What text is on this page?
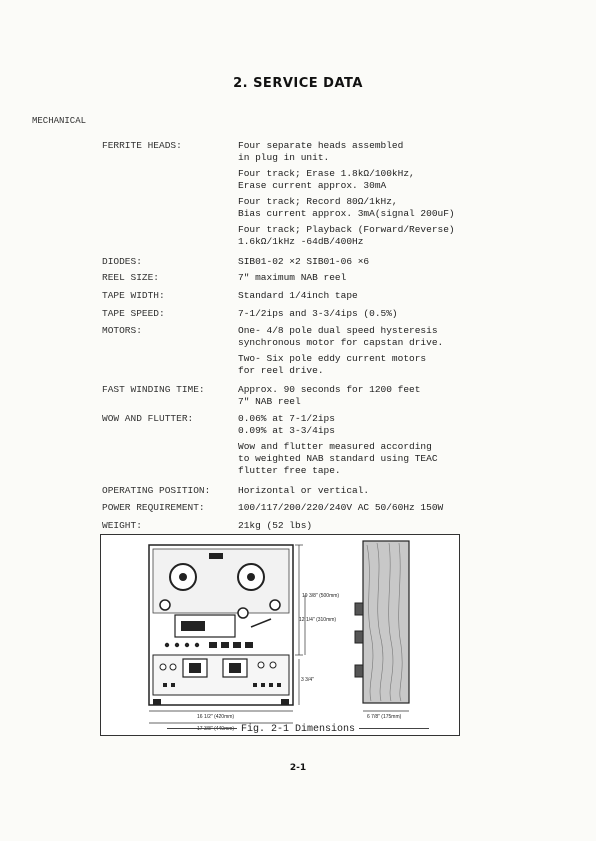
2. SERVICE DATA
MECHANICAL
FERRITE HEADS:	Four separate heads assembled
in plug in unit.
Four track; Erase 1.8kΩ/100kHz,
Erase current approx. 30mA
Four track; Record 80Ω/1kHz,
Bias current approx. 3mA(signal 200uF)
Four track; Playback (Forward/Reverse)
1.6kΩ/1kHz -64dB/400Hz
DIODES:	SIB01-02 ×2 SIB01-06 ×6
REEL SIZE:	7" maximum NAB reel
TAPE WIDTH:	Standard 1/4inch tape
TAPE SPEED:	7-1/2ips and 3-3/4ips (0.5%)
MOTORS:	One- 4/8 pole dual speed hysteresis
synchronous motor for capstan drive.
Two- Six pole eddy current motors
for reel drive.
FAST WINDING TIME:	Approx. 90 seconds for 1200 feet
7" NAB reel
WOW AND FLUTTER:	0.06% at 7-1/2ips
0.09% at 3-3/4ips
Wow and flutter measured according
to weighted NAB standard using TEAC
flutter free tape.
OPERATING POSITION:	Horizontal or vertical.
POWER REQUIREMENT:	100/117/200/220/240V AC 50/60Hz 150W
WEIGHT:	21kg (52 lbs)
19 3/8" (500mm)
12 1/4" (310mm)
3 3/4"
16 1/2" (420mm)
17 3/8" (440mm)
6 7/8" (175mm)
Fig. 2-1 Dimensions
2-1
